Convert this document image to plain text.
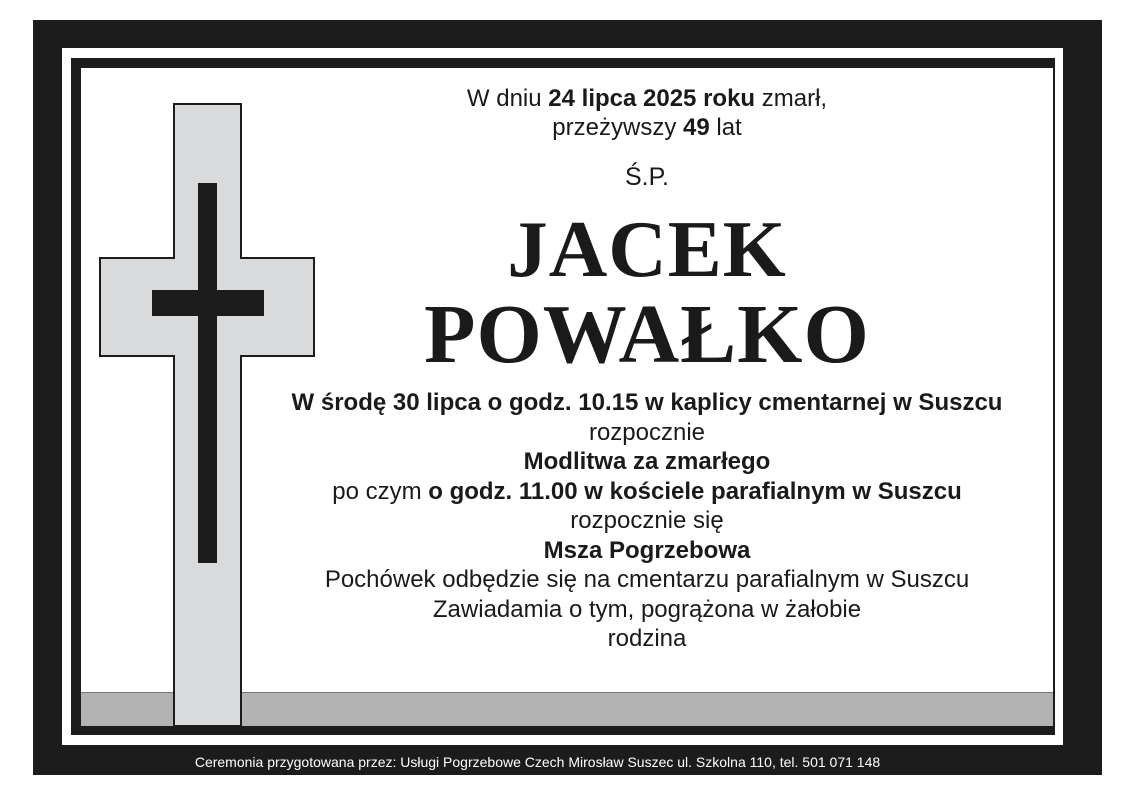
W dniu 24 lipca 2025 roku zmarł,
przeżywszy 49 lat
Ś.P.
JACEK
POWAŁKO
W środę 30 lipca o godz. 10.15 w kaplicy cmentarnej w Suszcu
rozpocznie
Modlitwa za zmarłego
po czym o godz. 11.00 w kościele parafialnym w Suszcu
rozpocznie się
Msza Pogrzebowa
Pochówek odbędzie się na cmentarzu parafialnym w Suszcu
Zawiadamia o tym, pogrążona w żałobie
rodzina
Ceremonia przygotowana przez: Usługi Pogrzebowe Czech Mirosław Suszec ul. Szkolna 110, tel. 501 071 148
